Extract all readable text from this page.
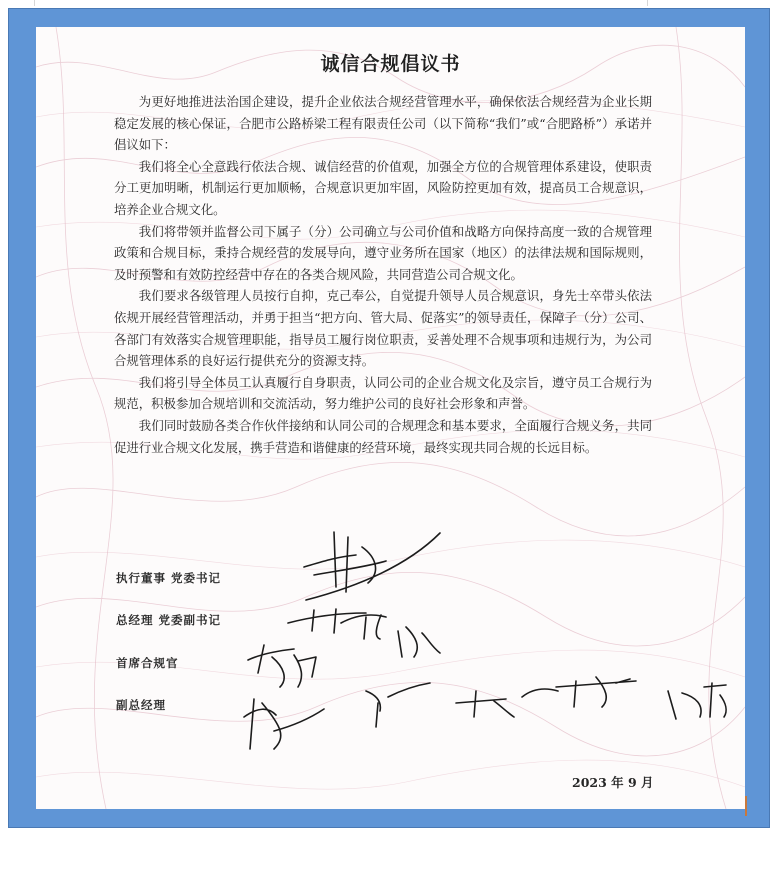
诚信合规倡议书

为更好地推进法治国企建设，提升企业依法合规经营管理水平，确保依法合规经营为企业长期稳定发展的核心保证，合肥市公路桥梁工程有限责任公司（以下简称“我们”或“合肥路桥”）承诺并倡议如下：

我们将全心全意践行依法合规、诚信经营的价值观，加强全方位的合规管理体系建设，使职责分工更加明晰，机制运行更加顺畅，合规意识更加牢固，风险防控更加有效，提高员工合规意识，培养企业合规文化。

我们将带领并监督公司下属子（分）公司确立与公司价值和战略方向保持高度一致的合规管理政策和合规目标，秉持合规经营的发展导向，遵守业务所在国家（地区）的法律法规和国际规则，及时预警和有效防控经营中存在的各类合规风险，共同营造公司合规文化。

我们要求各级管理人员按行自抑，克己奉公，自觉提升领导人员合规意识，身先士卒带头依法依规开展经营管理活动，并勇于担当“把方向、管大局、促落实”的领导责任，保障子（分）公司、各部门有效落实合规管理职能，指导员工履行岗位职责，妥善处理不合规事项和违规行为，为公司合规管理体系的良好运行提供充分的资源支持。

我们将引导全体员工认真履行自身职责，认同公司的企业合规文化及宗旨，遵守员工合规行为规范，积极参加合规培训和交流活动，努力维护公司的良好社会形象和声誉。

我们同时鼓励各类合作伙伴接纳和认同公司的合规理念和基本要求，全面履行合规义务，共同促进行业合规文化发展，携手营造和谐健康的经营环境，最终实现共同合规的长远目标。

执行董事 党委书记
总经理 党委副书记
首席合规官
副总经理
2023 年 9 月
